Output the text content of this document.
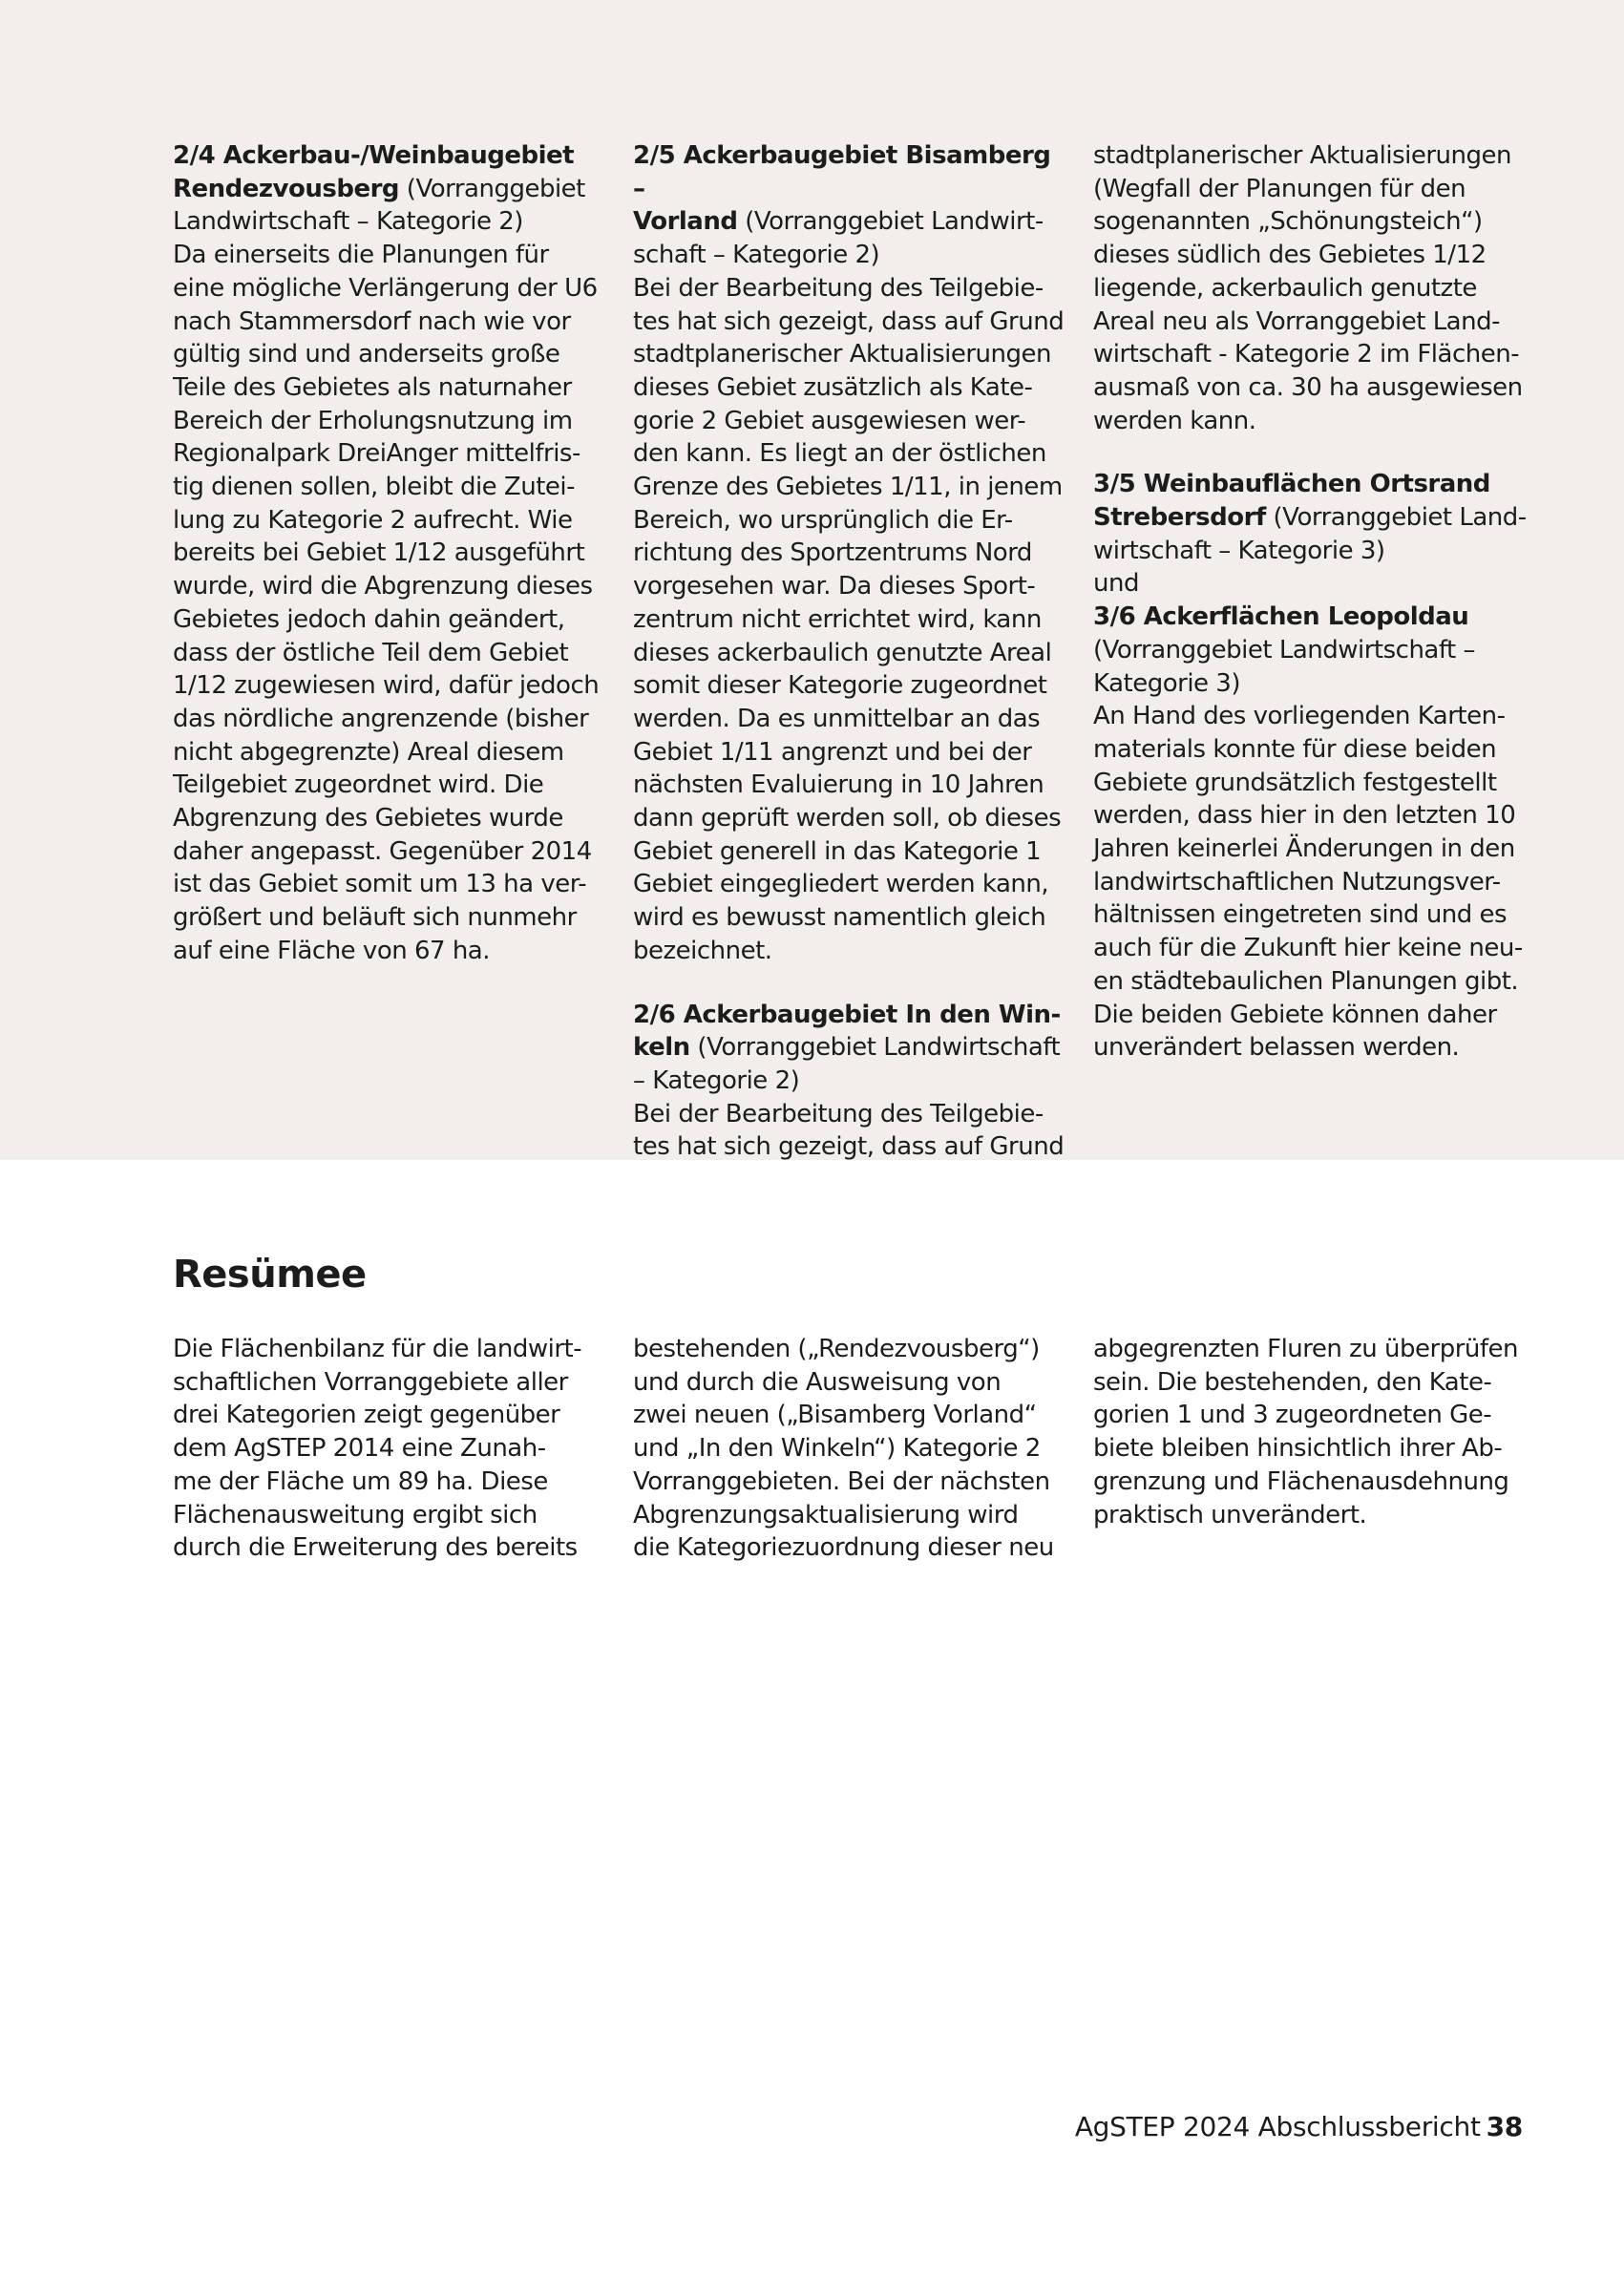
2/4 Ackerbau-/Weinbaugebiet

Rendezvousberg (Vorranggebiet

Landwirtschaft – Kategorie 2)

Da einerseits die Planungen für

eine mögliche Verlängerung der U6

nach Stammersdorf nach wie vor

gültig sind und anderseits große

Teile des Gebietes als naturnaher

Bereich der Erholungsnutzung im

Regionalpark DreiAnger mittelfris-

tig dienen sollen, bleibt die Zutei-

lung zu Kategorie 2 aufrecht. Wie

bereits bei Gebiet 1/12 ausgeführt

wurde, wird die Abgrenzung dieses

Gebietes jedoch dahin geändert,

dass der östliche Teil dem Gebiet

1/12 zugewiesen wird, dafür jedoch

das nördliche angrenzende (bisher

nicht abgegrenzte) Areal diesem

Teilgebiet zugeordnet wird. Die

Abgrenzung des Gebietes wurde

daher angepasst. Gegenüber 2014

ist das Gebiet somit um 13 ha ver-

größert und beläuft sich nunmehr

auf eine Fläche von 67 ha.

2/5 Ackerbaugebiet Bisamberg –

Vorland (Vorranggebiet Landwirt-

schaft – Kategorie 2)

Bei der Bearbeitung des Teilgebie-

tes hat sich gezeigt, dass auf Grund

stadtplanerischer Aktualisierungen

dieses Gebiet zusätzlich als Kate-

gorie 2 Gebiet ausgewiesen wer-

den kann. Es liegt an der östlichen

Grenze des Gebietes 1/11, in jenem

Bereich, wo ursprünglich die Er-

richtung des Sportzentrums Nord

vorgesehen war. Da dieses Sport-

zentrum nicht errichtet wird, kann

dieses ackerbaulich genutzte Areal

somit dieser Kategorie zugeordnet

werden. Da es unmittelbar an das

Gebiet 1/11 angrenzt und bei der

nächsten Evaluierung in 10 Jahren

dann geprüft werden soll, ob dieses

Gebiet generell in das Kategorie 1

Gebiet eingegliedert werden kann,

wird es bewusst namentlich gleich

bezeichnet.

2/6 Ackerbaugebiet In den Win-

keln (Vorranggebiet Landwirtschaft

– Kategorie 2)

Bei der Bearbeitung des Teilgebie-

tes hat sich gezeigt, dass auf Grund

stadtplanerischer Aktualisierungen

(Wegfall der Planungen für den

sogenannten „Schönungsteich“)

dieses südlich des Gebietes 1/12

liegende, ackerbaulich genutzte

Areal neu als Vorranggebiet Land-

wirtschaft - Kategorie 2 im Flächen-

ausmaß von ca. 30 ha ausgewiesen

werden kann.

3/5 Weinbauflächen Ortsrand

Strebersdorf (Vorranggebiet Land-

wirtschaft – Kategorie 3)

und

3/6 Ackerflächen Leopoldau

(Vorranggebiet Landwirtschaft –

Kategorie 3)

An Hand des vorliegenden Karten-

materials konnte für diese beiden

Gebiete grundsätzlich festgestellt

werden, dass hier in den letzten 10

Jahren keinerlei Änderungen in den

landwirtschaftlichen Nutzungsver-

hältnissen eingetreten sind und es

auch für die Zukunft hier keine neu-

en städtebaulichen Planungen gibt.

Die beiden Gebiete können daher

unverändert belassen werden.

Resümee

Die Flächenbilanz für die landwirt-

schaftlichen Vorranggebiete aller

drei Kategorien zeigt gegenüber

dem AgSTEP 2014 eine Zunah-

me der Fläche um 89 ha. Diese

Flächenausweitung ergibt sich

durch die Erweiterung des bereits

bestehenden („Rendezvousberg“)

und durch die Ausweisung von

zwei neuen („Bisamberg Vorland“

und „In den Winkeln“) Kategorie 2

Vorranggebieten. Bei der nächsten

Abgrenzungsaktualisierung wird

die Kategoriezuordnung dieser neu

abgegrenzten Fluren zu überprüfen

sein. Die bestehenden, den Kate-

gorien 1 und 3 zugeordneten Ge-

biete bleiben hinsichtlich ihrer Ab-

grenzung und Flächenausdehnung

praktisch unverändert.

AgSTEP 2024 Abschlussbericht 38
